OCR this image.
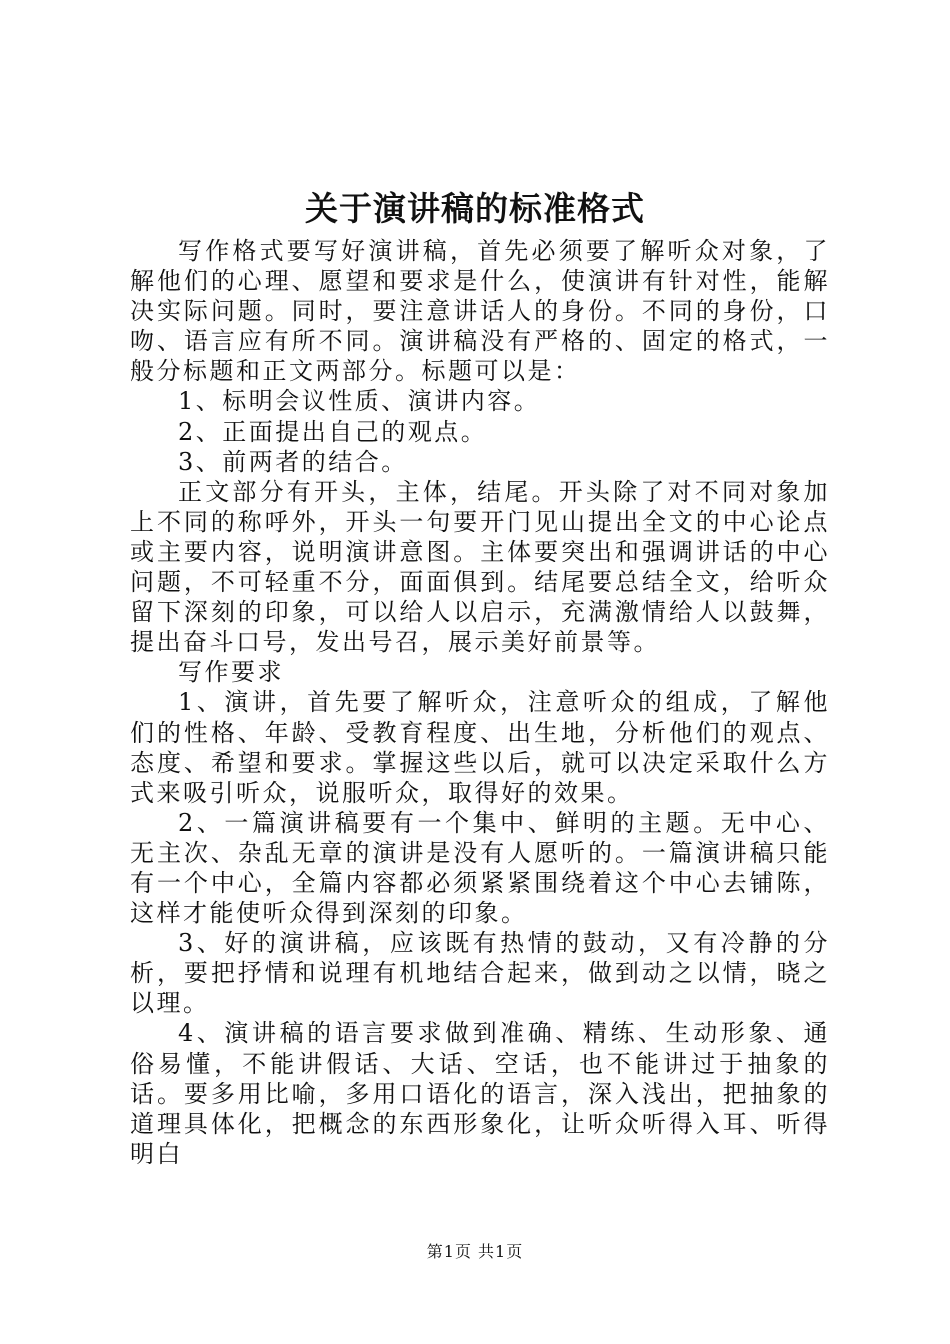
关于演讲稿的标准格式

写作格式要写好演讲稿，首先必须要了解听众对象，了解他们的心理、愿望和要求是什么，使演讲有针对性，能解决实际问题。同时，要注意讲话人的身份。不同的身份，口吻、语言应有所不同。演讲稿没有严格的、固定的格式，一般分标题和正文两部分。标题可以是：

1、标明会议性质、演讲内容。

2、正面提出自己的观点。

3、前两者的结合。

正文部分有开头，主体，结尾。开头除了对不同对象加上不同的称呼外，开头一句要开门见山提出全文的中心论点或主要内容，说明演讲意图。主体要突出和强调讲话的中心问题，不可轻重不分，面面俱到。结尾要总结全文，给听众留下深刻的印象，可以给人以启示，充满激情给人以鼓舞，提出奋斗口号，发出号召，展示美好前景等。

写作要求

1、演讲，首先要了解听众，注意听众的组成，了解他们的性格、年龄、受教育程度、出生地，分析他们的观点、态度、希望和要求。掌握这些以后，就可以决定采取什么方式来吸引听众，说服听众，取得好的效果。

2、一篇演讲稿要有一个集中、鲜明的主题。无中心、无主次、杂乱无章的演讲是没有人愿听的。一篇演讲稿只能有一个中心，全篇内容都必须紧紧围绕着这个中心去铺陈，这样才能使听众得到深刻的印象。

3、好的演讲稿，应该既有热情的鼓动，又有冷静的分析，要把抒情和说理有机地结合起来，做到动之以情，晓之以理。

4、演讲稿的语言要求做到准确、精练、生动形象、通俗易懂，不能讲假话、大话、空话，也不能讲过于抽象的话。要多用比喻，多用口语化的语言，深入浅出，把抽象的道理具体化，把概念的东西形象化，让听众听得入耳、听得明白

第1页 共1页
